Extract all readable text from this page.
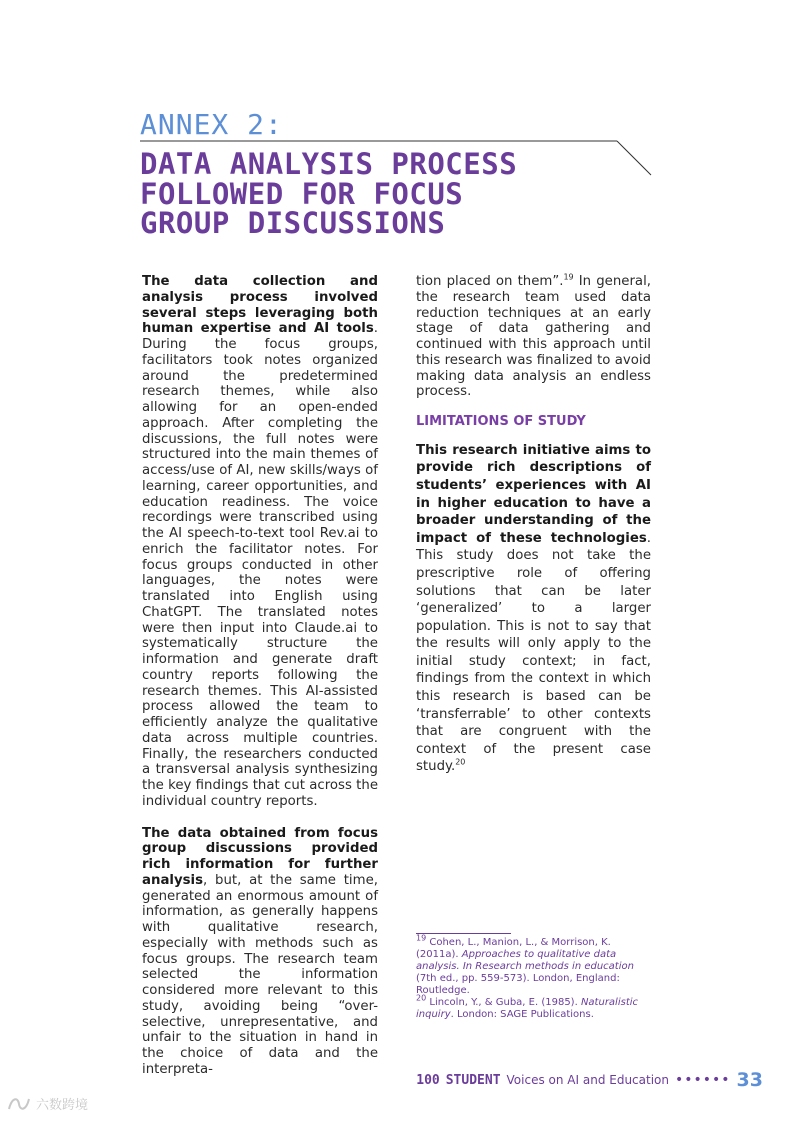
ANNEX 2:
DATA ANALYSIS PROCESS
FOLLOWED FOR FOCUS
GROUP DISCUSSIONS

The data collection and analysis process involved several steps leveraging both human expertise and AI tools. During the focus groups, facilitators took notes organized around the predetermined research themes, while also allowing for an open-ended approach. After completing the discussions, the full notes were structured into the main themes of access/use of AI, new skills/ways of learning, career opportunities, and education readiness. The voice recordings were transcribed using the AI speech-to-text tool Rev.ai to enrich the facilitator notes. For focus groups conducted in other languages, the notes were translated into English using ChatGPT. The translated notes were then input into Claude.ai to systematically structure the information and generate draft country reports following the research themes. This AI-assisted process allowed the team to efficiently analyze the qualitative data across multiple countries. Finally, the researchers conducted a transversal analysis synthesizing the key findings that cut across the individual country reports.

The data obtained from focus group discussions provided rich information for further analysis, but, at the same time, generated an enormous amount of information, as generally happens with qualitative research, especially with methods such as focus groups. The research team selected the information considered more relevant to this study, avoiding being “over-selective, unrepresentative, and unfair to the situation in hand in the choice of data and the interpreta-

tion placed on them”.$^{19}$ In general, the research team used data reduction techniques at an early stage of data gathering and continued with this approach until this research was finalized to avoid making data analysis an endless process.

LIMITATIONS OF STUDY

This research initiative aims to provide rich descriptions of students’ experiences with AI in higher education to have a broader understanding of the impact of these technologies. This study does not take the prescriptive role of offering solutions that can be later ‘generalized’ to a larger population. This is not to say that the results will only apply to the initial study context; in fact, findings from the context in which this research is based can be ‘transferrable’ to other contexts that are congruent with the context of the present case study.$^{20}$

$^{19}$ Cohen, L., Manion, L., & Morrison, K. (2011a). Approaches to qualitative data analysis. In Research methods in education (7th ed., pp. 559-573). London, England: Routledge.

$^{20}$ Lincoln, Y., & Guba, E. (1985). Naturalistic inquiry. London: SAGE Publications.

100 STUDENT Voices on AI and Education •••••• 33
六数跨境
